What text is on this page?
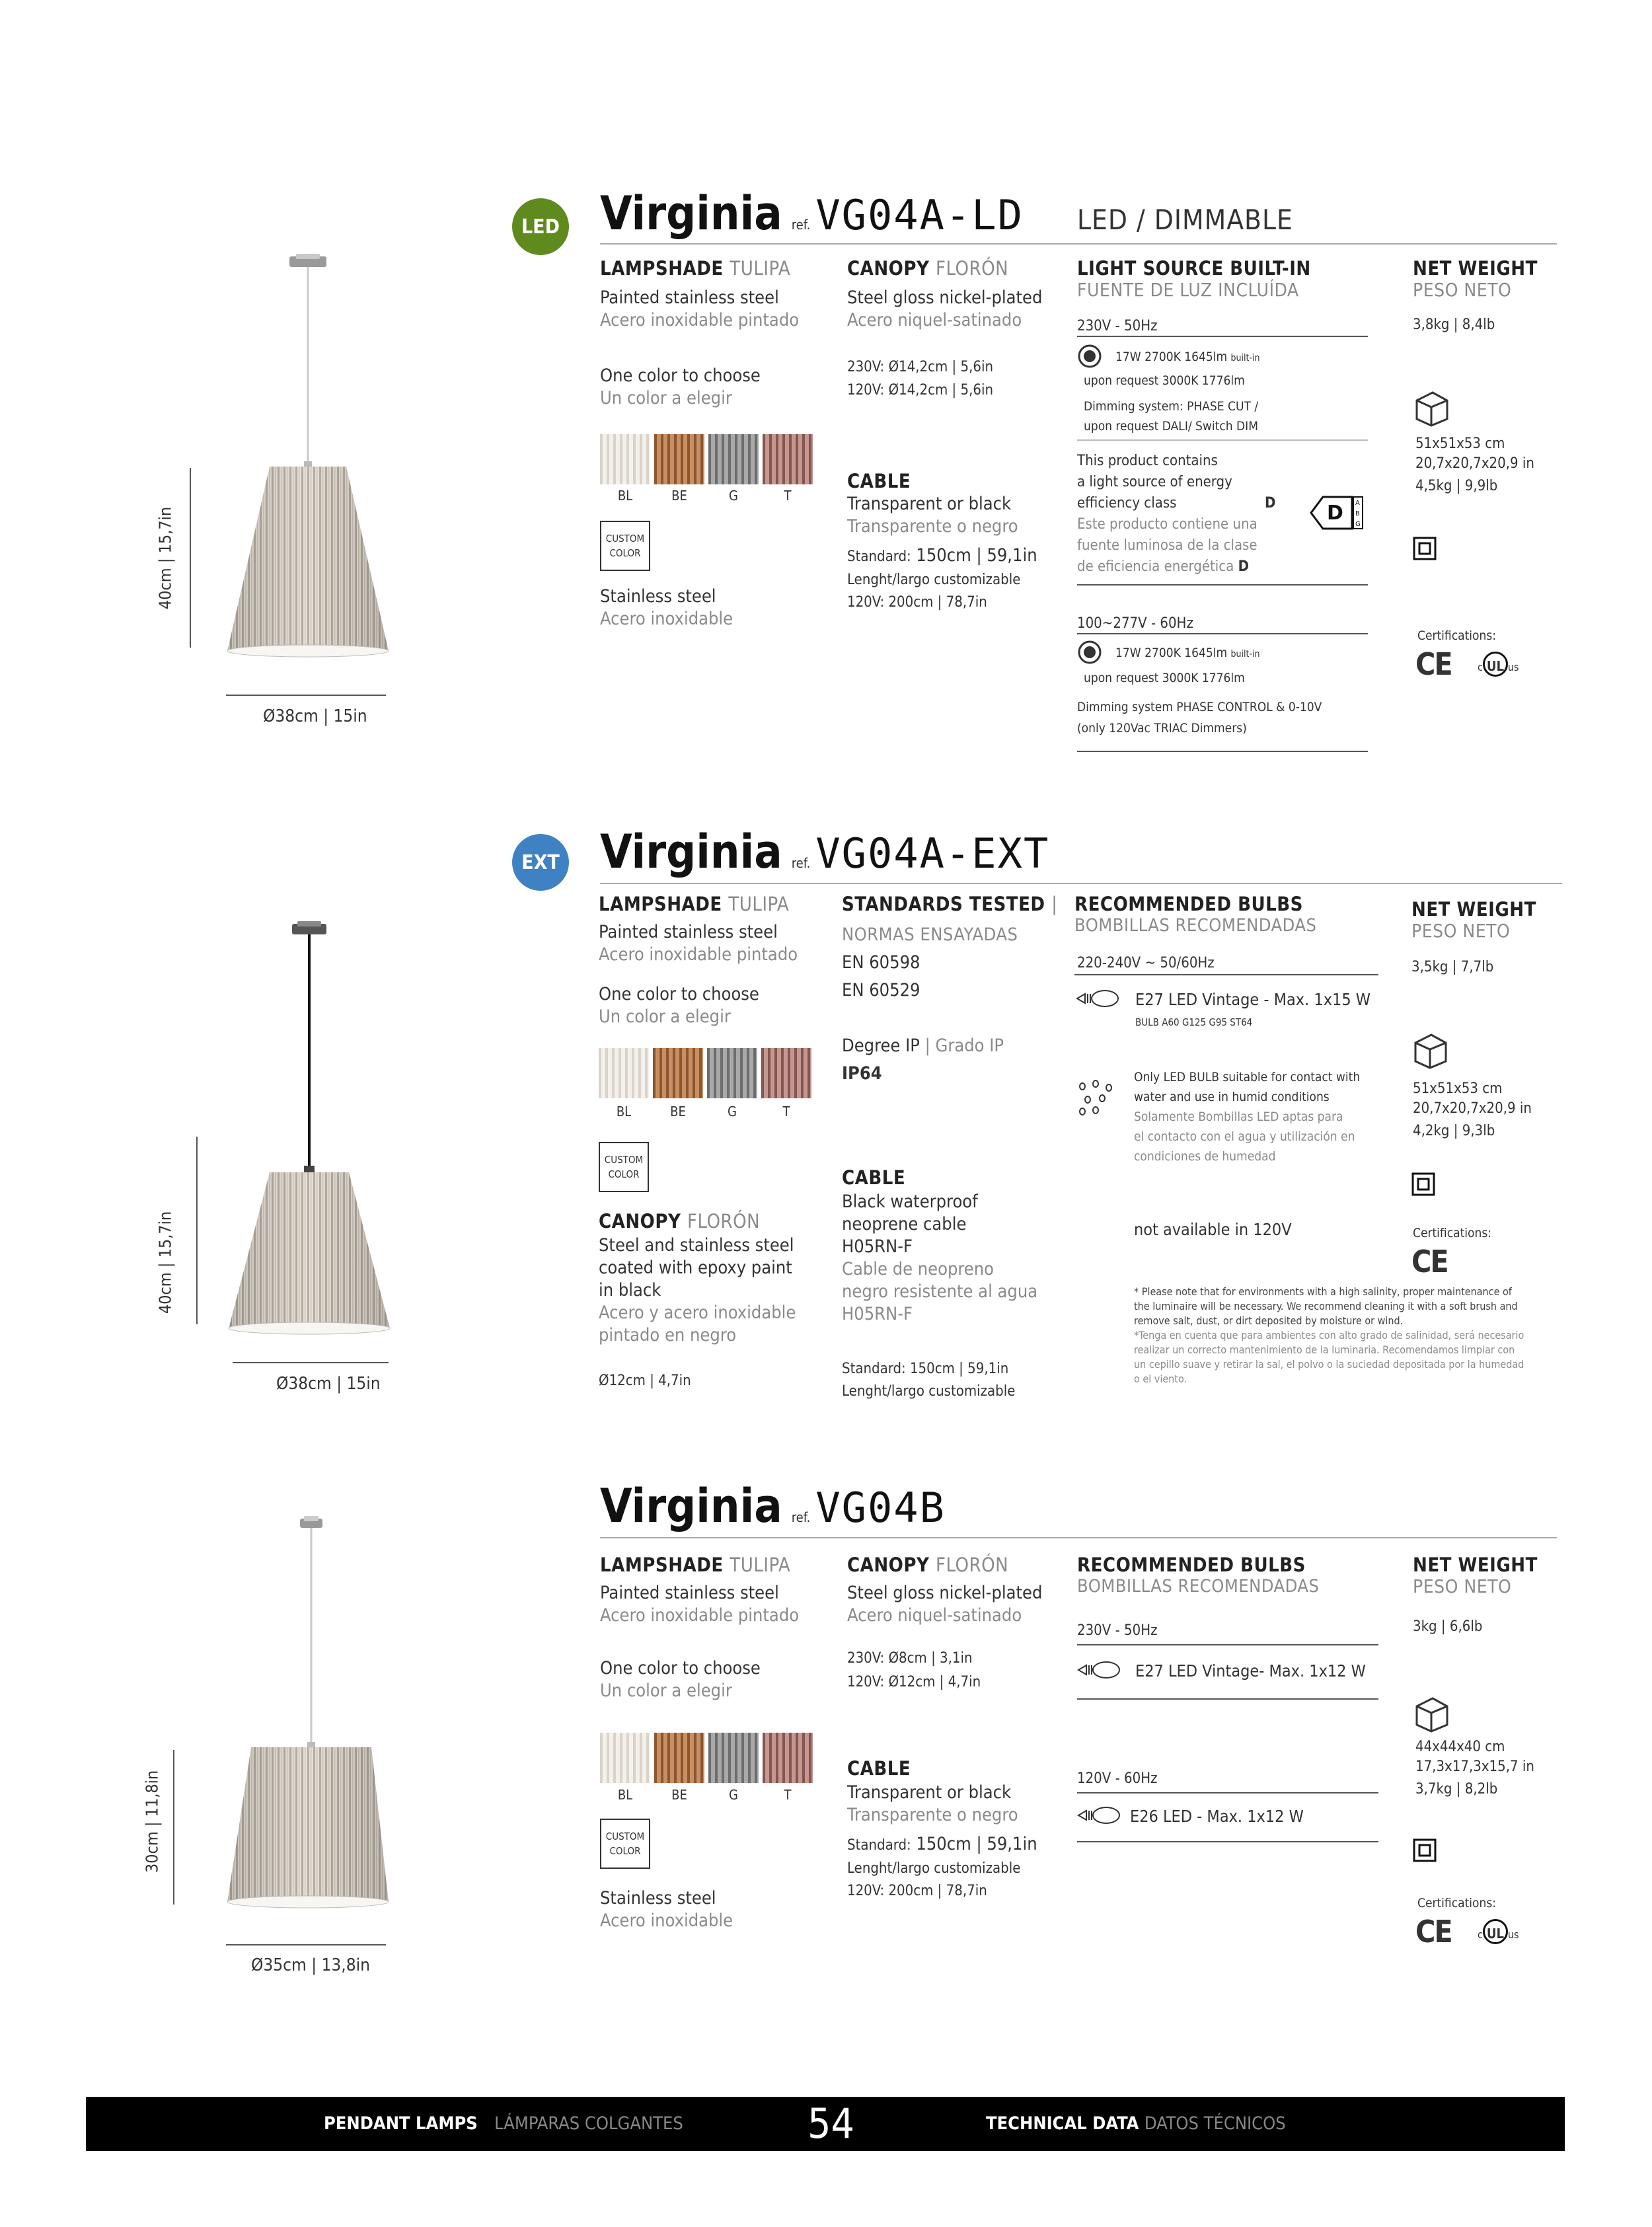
LED Virginia ref. VG04A-LD LED / DIMMABLE
40cm | 15,7in
Ø38cm | 15in
LAMPSHADE TULIPA
Painted stainless steel
Acero inoxidable pintado
One color to choose
Un color a elegir
BL	BE	G	T
CUSTOM
COLOR
Stainless steel
Acero inoxidable
CANOPY FLORÓN
Steel gloss nickel-plated
Acero niquel-satinado
230V: Ø14,2cm | 5,6in
120V: Ø14,2cm | 5,6in
CABLE
Transparent or black
Transparente o negro
Standard: 150cm | 59,1in
Lenght/largo customizable
120V: 200cm | 78,7in
LIGHT SOURCE BUILT-IN
FUENTE DE LUZ INCLUÍDA
230V - 50Hz
17W 2700K 1645lm built-in
upon request 3000K 1776lm
Dimming system: PHASE CUT /
upon request DALI/ Switch DIM
This product contains
a light source of energy
efficiency class	D
Este producto contiene una
fuente luminosa de la clase
de eficiencia energética D
D A
B
G
100~277V - 60Hz
17W 2700K 1645lm built-in
upon request 3000K 1776lm
Dimming system PHASE CONTROL & 0-10V
(only 120Vac TRIAC Dimmers)
NET WEIGHT
PESO NETO
3,8kg | 8,4lb
51x51x53 cm
20,7x20,7x20,9 in
4,5kg | 9,9lb
Certifications:
CE c UL us
EXT Virginia ref. VG04A-EXT
40cm | 15,7in
Ø38cm | 15in
LAMPSHADE TULIPA
Painted stainless steel
Acero inoxidable pintado
One color to choose
Un color a elegir
BL	BE	G	T
CUSTOM
COLOR
CANOPY FLORÓN
Steel and stainless steel
coated with epoxy paint
in black
Acero y acero inoxidable
pintado en negro
Ø12cm | 4,7in
STANDARDS TESTED |
NORMAS ENSAYADAS
EN 60598
EN 60529
Degree IP | Grado IP
IP64
CABLE
Black waterproof
neoprene cable
H05RN-F
Cable de neopreno
negro resistente al agua
H05RN-F
Standard: 150cm | 59,1in
Lenght/largo customizable
RECOMMENDED BULBS
BOMBILLAS RECOMENDADAS
220-240V ~ 50/60Hz
E27 LED Vintage - Max. 1x15 W
BULB A60 G125 G95 ST64
Only LED BULB suitable for contact with
water and use in humid conditions
Solamente Bombillas LED aptas para
el contacto con el agua y utilización en
condiciones de humedad
not available in 120V
* Please note that for environments with a high salinity, proper maintenance of
the luminaire will be necessary. We recommend cleaning it with a soft brush and
remove salt, dust, or dirt deposited by moisture or wind.
*Tenga en cuenta que para ambientes con alto grado de salinidad, será necesario
realizar un correcto mantenimiento de la luminaria. Recomendamos limpiar con
un cepillo suave y retirar la sal, el polvo o la suciedad depositada por la humedad
o el viento.
NET WEIGHT
PESO NETO
3,5kg | 7,7lb
51x51x53 cm
20,7x20,7x20,9 in
4,2kg | 9,3lb
Certifications:
CE
Virginia ref. VG04B
30cm | 11,8in
Ø35cm | 13,8in
LAMPSHADE TULIPA
Painted stainless steel
Acero inoxidable pintado
One color to choose
Un color a elegir
BL	BE	G	T
CUSTOM
COLOR
Stainless steel
Acero inoxidable
CANOPY FLORÓN
Steel gloss nickel-plated
Acero niquel-satinado
230V: Ø8cm | 3,1in
120V: Ø12cm | 4,7in
CABLE
Transparent or black
Transparente o negro
Standard: 150cm | 59,1in
Lenght/largo customizable
120V: 200cm | 78,7in
RECOMMENDED BULBS
BOMBILLAS RECOMENDADAS
230V - 50Hz
E27 LED Vintage- Max. 1x12 W
120V - 60Hz
E26 LED - Max. 1x12 W
NET WEIGHT
PESO NETO
3kg | 6,6lb
44x44x40 cm
17,3x17,3x15,7 in
3,7kg | 8,2lb
Certifications:
CE c UL us
PENDANT LAMPS LÁMPARAS COLGANTES	54	TECHNICAL DATA DATOS TÉCNICOS
